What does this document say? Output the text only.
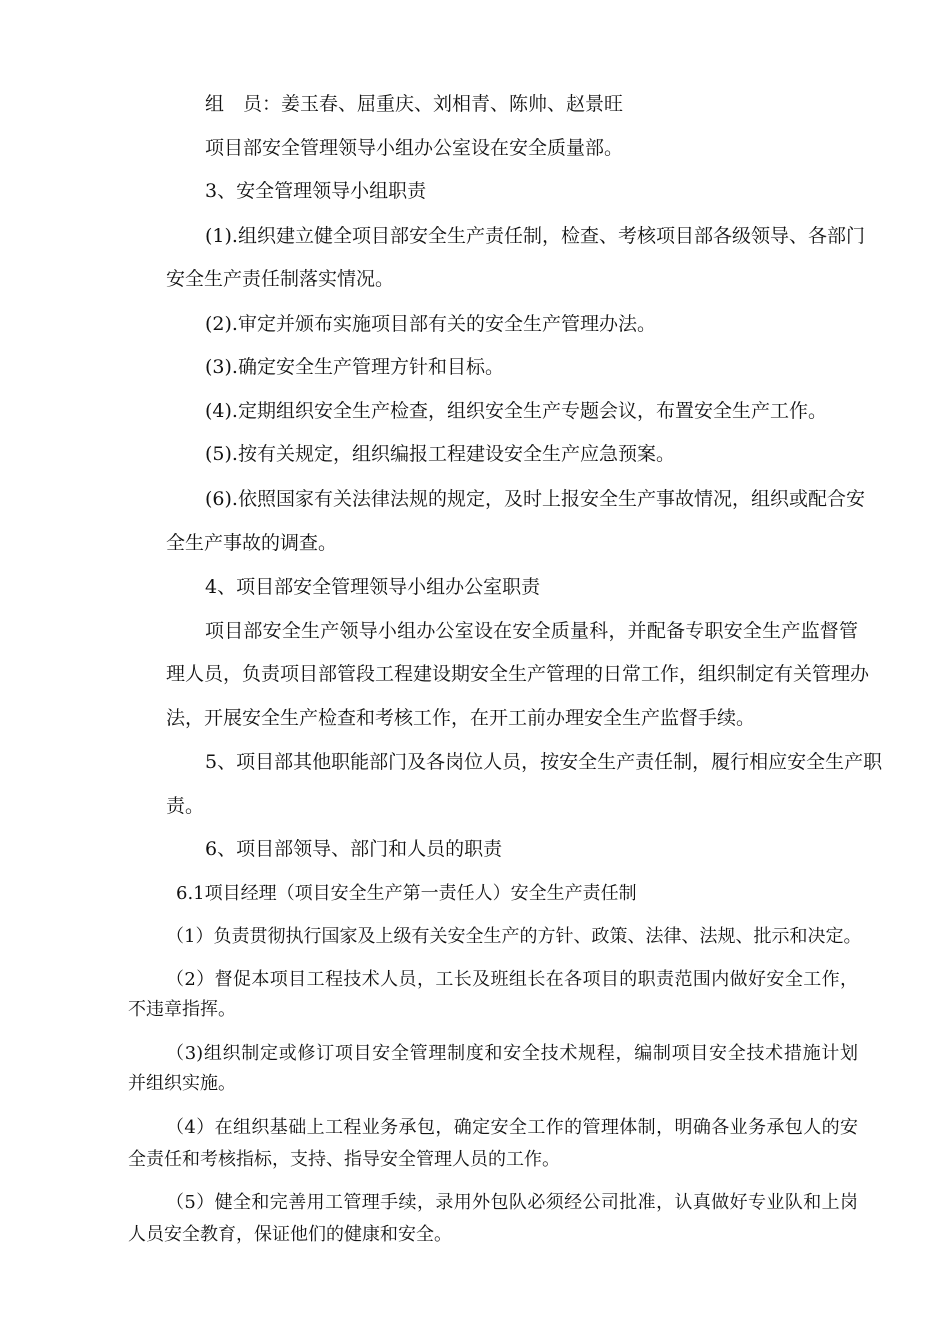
组　员：姜玉春、屈重庆、刘相青、陈帅、赵景旺
项目部安全管理领导小组办公室设在安全质量部。
3、安全管理领导小组职责
(1).组织建立健全项目部安全生产责任制，检查、考核项目部各级领导、各部门
安全生产责任制落实情况。
(2).审定并颁布实施项目部有关的安全生产管理办法。
(3).确定安全生产管理方针和目标。
(4).定期组织安全生产检查，组织安全生产专题会议，布置安全生产工作。
(5).按有关规定，组织编报工程建设安全生产应急预案。
(6).依照国家有关法律法规的规定，及时上报安全生产事故情况，组织或配合安
全生产事故的调查。
4、项目部安全管理领导小组办公室职责
项目部安全生产领导小组办公室设在安全质量科，并配备专职安全生产监督管
理人员，负责项目部管段工程建设期安全生产管理的日常工作，组织制定有关管理办
法，开展安全生产检查和考核工作，在开工前办理安全生产监督手续。
5、项目部其他职能部门及各岗位人员，按安全生产责任制，履行相应安全生产职
责。
6、项目部领导、部门和人员的职责
6.1项目经理（项目安全生产第一责任人）安全生产责任制
（1）负责贯彻执行国家及上级有关安全生产的方针、政策、法律、法规、批示和决定。
（2）督促本项目工程技术人员，工长及班组长在各项目的职责范围内做好安全工作，
不违章指挥。
（3)组织制定或修订项目安全管理制度和安全技术规程，编制项目安全技术措施计划
并组织实施。
（4）在组织基础上工程业务承包，确定安全工作的管理体制，明确各业务承包人的安
全责任和考核指标，支持、指导安全管理人员的工作。
（5）健全和完善用工管理手续，录用外包队必须经公司批准，认真做好专业队和上岗
人员安全教育，保证他们的健康和安全。
